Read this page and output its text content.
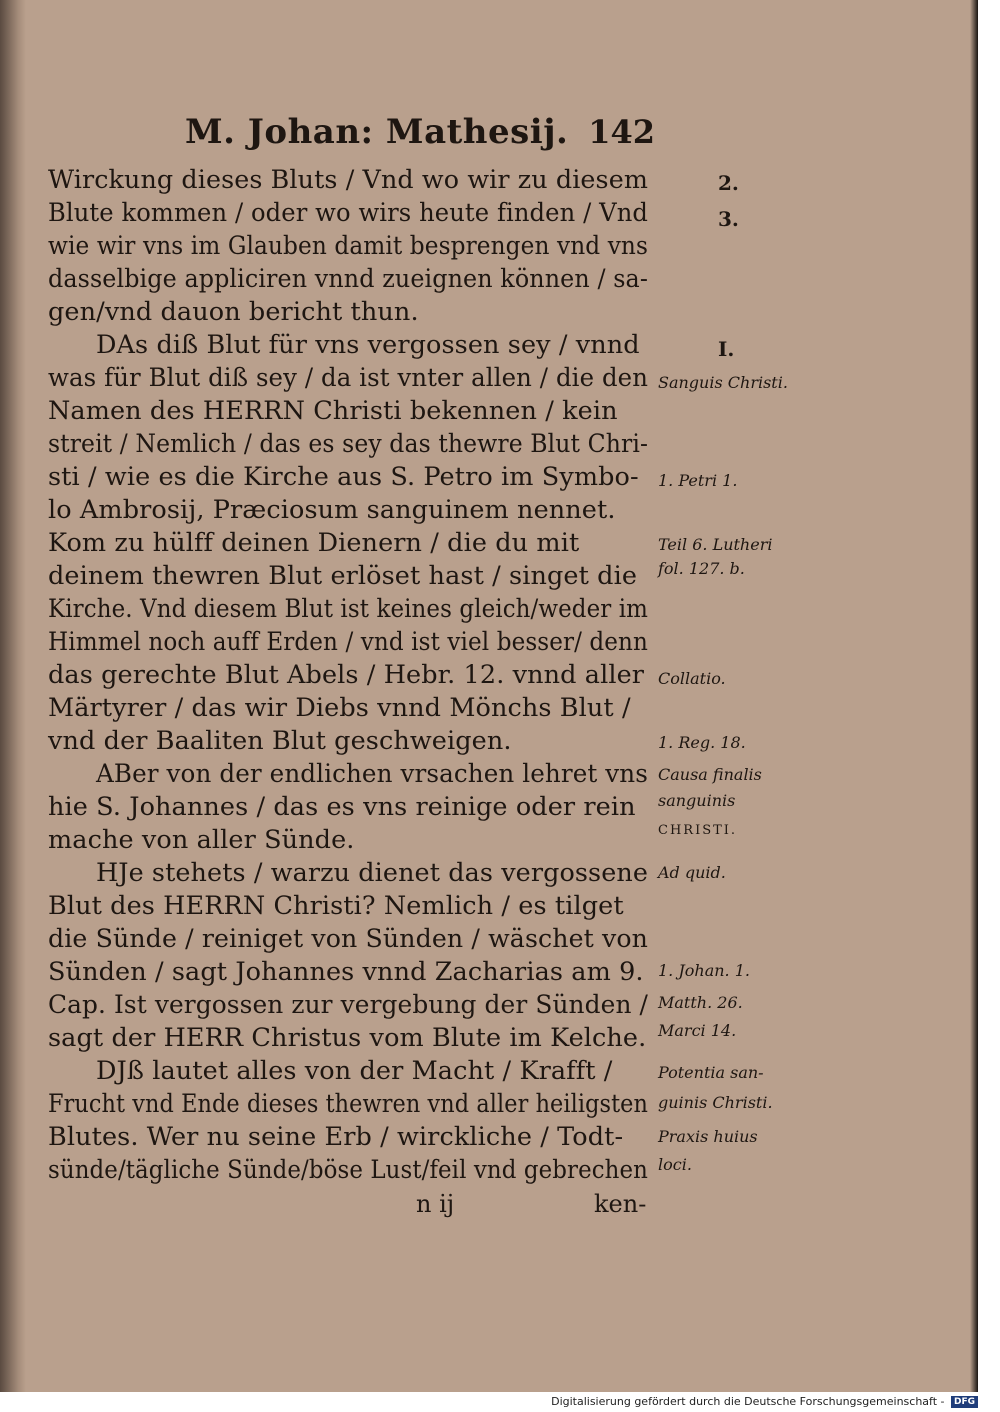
M. Johan: Mathesij. 142
Wirckung dieses Bluts / Vnd wo wir zu diesem
Blute kommen / oder wo wirs heute finden / Vnd
wie wir vns im Glauben damit besprengen vnd vns
dasselbige appliciren vnnd zueignen können / sa-
gen/vnd dauon bericht thun.
DAs diß Blut für vns vergossen sey / vnnd
was für Blut diß sey / da ist vnter allen / die den
Namen des HERRN Christi bekennen / kein
streit / Nemlich / das es sey das thewre Blut Chri-
sti / wie es die Kirche aus S. Petro im Symbo-
lo Ambrosij, Præciosum sanguinem nennet.
Kom zu hülff deinen Dienern / die du mit
deinem thewren Blut erlöset hast / singet die
Kirche. Vnd diesem Blut ist keines gleich/weder im
Himmel noch auff Erden / vnd ist viel besser/ denn
das gerechte Blut Abels / Hebr. 12. vnnd aller
Märtyrer / das wir Diebs vnnd Mönchs Blut /
vnd der Baaliten Blut geschweigen.
ABer von der endlichen vrsachen lehret vns
hie S. Johannes / das es vns reinige oder rein
mache von aller Sünde.
HJe stehets / warzu dienet das vergossene
Blut des HERRN Christi? Nemlich / es tilget
die Sünde / reiniget von Sünden / wäschet von
Sünden / sagt Johannes vnnd Zacharias am 9.
Cap. Ist vergossen zur vergebung der Sünden /
sagt der HERR Christus vom Blute im Kelche.
DJß lautet alles von der Macht / Krafft /
Frucht vnd Ende dieses thewren vnd aller heiligsten
Blutes. Wer nu seine Erb / wirckliche / Todt-
sünde/tägliche Sünde/böse Lust/feil vnd gebrechen
2.
3.
I.
Sanguis Christi.
1. Petri 1.
Teil 6. Lutheri
fol. 127. b.
Collatio.
1. Reg. 18.
Causa finalis
sanguinis
CHRISTI.
Ad quid.
1. Johan. 1.
Matth. 26.
Marci 14.
Potentia san-
guinis Christi.
Praxis huius
loci.
n ij	ken-
Digitalisierung gefördert durch die Deutsche Forschungsgemeinschaft - DFG
